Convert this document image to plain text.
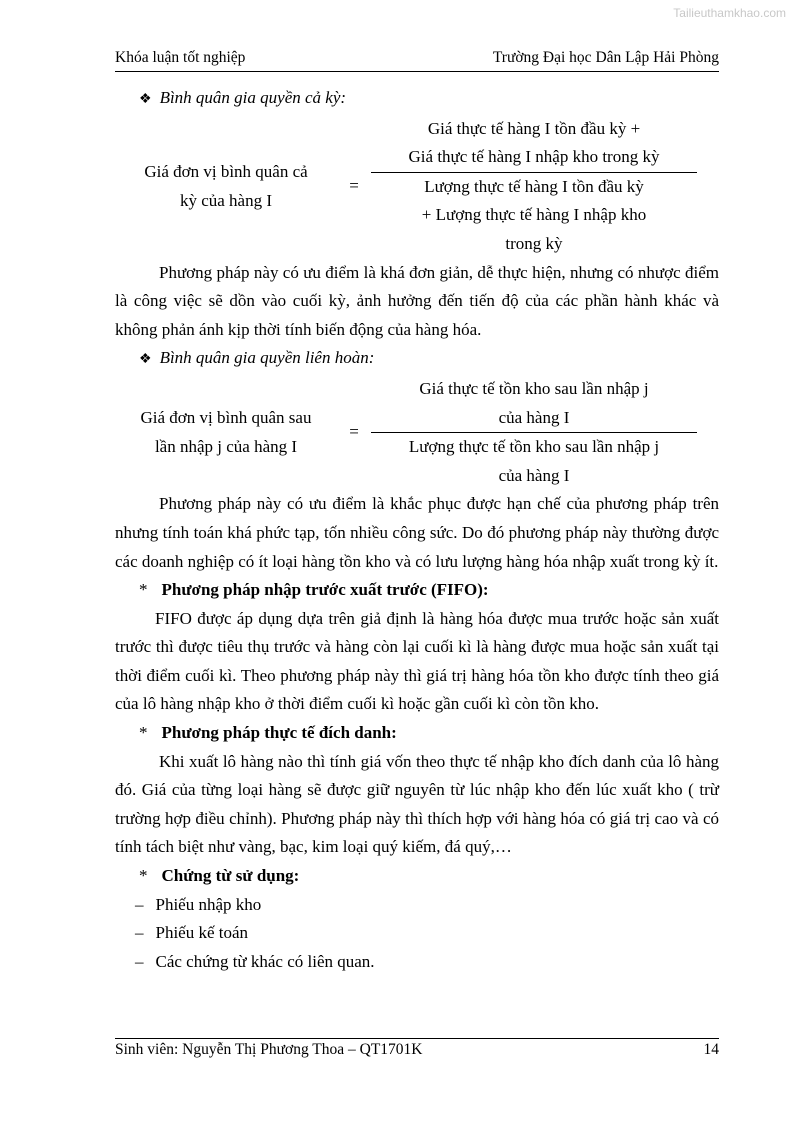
Tailieuthamkhao.com
Khóa luận tốt nghiệp	Trường Đại học Dân Lập Hải Phòng

❖ Bình quân gia quyền cả kỳ:

Giá đơn vị bình quân cả
kỳ của hàng I
=
Giá thực tế hàng I tồn đầu kỳ +
Giá thực tế hàng I nhập kho trong kỳ
Lượng thực tế hàng I tồn đầu kỳ
+ Lượng thực tế hàng I nhập kho
trong kỳ

Phương pháp này có ưu điểm là khá đơn giản, dễ thực hiện, nhưng có nhược điểm là công việc sẽ dồn vào cuối kỳ, ảnh hưởng đến tiến độ của các phần hành khác và không phản ánh kịp thời tính biến động của hàng hóa.

❖ Bình quân gia quyền liên hoàn:

Giá đơn vị bình quân sau
lần nhập j của hàng I
=
Giá thực tế tồn kho sau lần nhập j
của hàng I
Lượng thực tế tồn kho sau lần nhập j
của hàng I

Phương pháp này có ưu điểm là khắc phục được hạn chế của phương pháp trên nhưng tính toán khá phức tạp, tốn nhiều công sức. Do đó phương pháp này thường được các doanh nghiệp có ít loại hàng tồn kho và có lưu lượng hàng hóa nhập xuất trong kỳ ít.

* Phương pháp nhập trước xuất trước (FIFO):

FIFO được áp dụng dựa trên giả định là hàng hóa được mua trước hoặc sản xuất trước thì được tiêu thụ trước và hàng còn lại cuối kì là hàng được mua hoặc sản xuất tại thời điểm cuối kì. Theo phương pháp này thì giá trị hàng hóa tồn kho được tính theo giá của lô hàng nhập kho ở thời điểm cuối kì hoặc gần cuối kì còn tồn kho.

* Phương pháp thực tế đích danh:

Khi xuất lô hàng nào thì tính giá vốn theo thực tế nhập kho đích danh của lô hàng đó. Giá của từng loại hàng sẽ được giữ nguyên từ lúc nhập kho đến lúc xuất kho ( trừ trường hợp điều chỉnh). Phương pháp này thì thích hợp với hàng hóa có giá trị cao và có tính tách biệt như vàng, bạc, kim loại quý kiếm, đá quý,…

* Chứng từ sử dụng:

– Phiếu nhập kho

– Phiếu kế toán

– Các chứng từ khác có liên quan.

Sinh viên: Nguyễn Thị Phương Thoa – QT1701K	14
